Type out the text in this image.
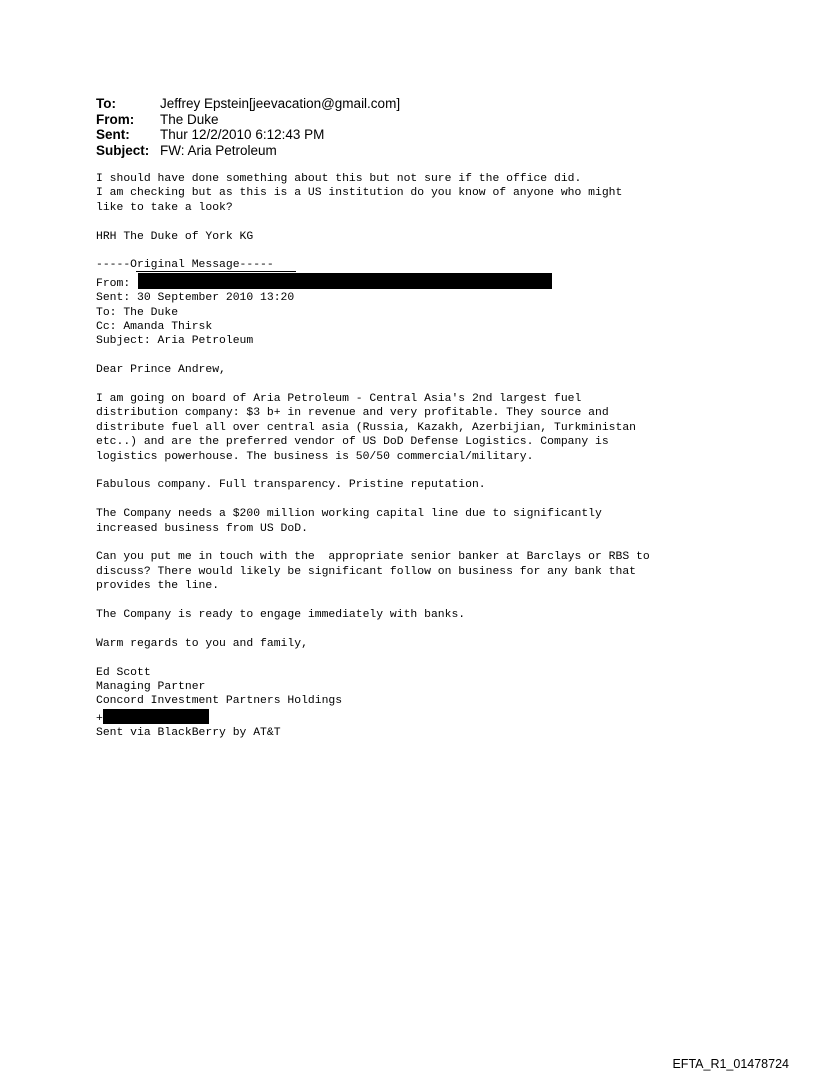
To:	Jeffrey Epstein[jeevacation@gmail.com]
From:	The Duke
Sent:	Thur 12/2/2010 6:12:43 PM
Subject: FW: Aria Petroleum
I should have done something about this but not sure if the office did.
I am checking but as this is a US institution do you know of anyone who might
like to take a look?
HRH The Duke of York KG
-----Original Message-----
From:
Sent: 30 September 2010 13:20
To: The Duke
Cc: Amanda Thirsk
Subject: Aria Petroleum
Dear Prince Andrew,
I am going on board of Aria Petroleum - Central Asia's 2nd largest fuel
distribution company: $3 b+ in revenue and very profitable. They source and
distribute fuel all over central asia (Russia, Kazakh, Azerbijian, Turkministan
etc..) and are the preferred vendor of US DoD Defense Logistics. Company is
logistics powerhouse. The business is 50/50 commercial/military.
Fabulous company. Full transparency. Pristine reputation.
The Company needs a $200 million working capital line due to significantly
increased business from US DoD.
Can you put me in touch with the  appropriate senior banker at Barclays or RBS to
discuss? There would likely be significant follow on business for any bank that
provides the line.
The Company is ready to engage immediately with banks.
Warm regards to you and family,
Ed Scott
Managing Partner
Concord Investment Partners Holdings
+
Sent via BlackBerry by AT&T
EFTA_R1_01478724
